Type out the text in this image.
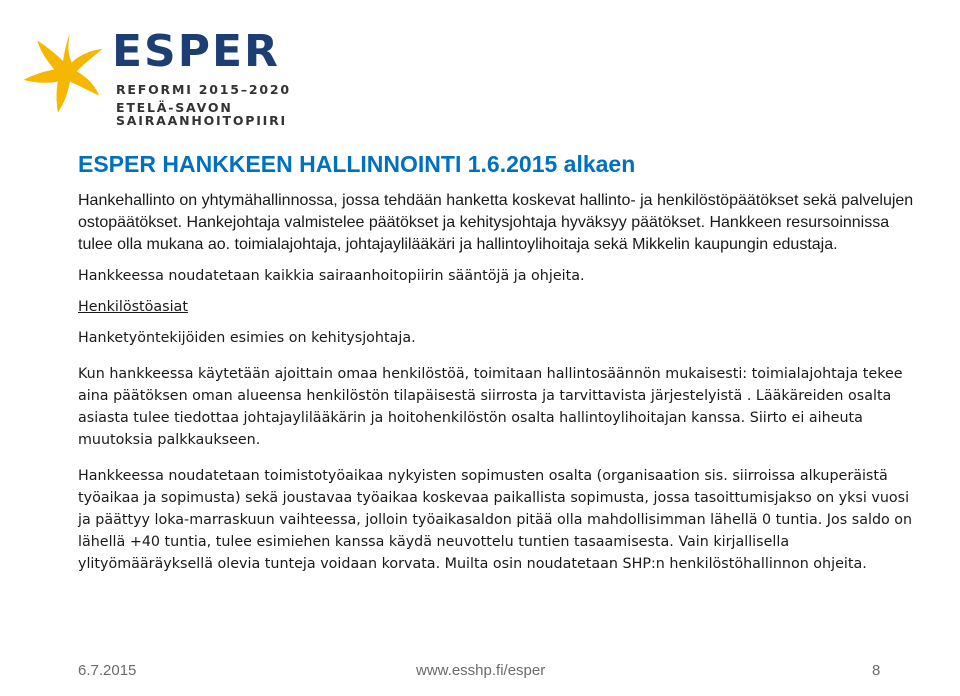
ESPER
REFORMI 2015–2020
ETELÄ-SAVON SAIRAANHOITOPIIRI
ESPER HANKKEEN HALLINNOINTI 1.6.2015 alkaen

Hankehallinto on yhtymähallinnossa, jossa tehdään hanketta koskevat hallinto- ja henkilöstöpäätökset sekä palvelujen ostopäätökset. Hankejohtaja valmistelee päätökset ja kehitysjohtaja hyväksyy päätökset. Hankkeen resursoinnissa tulee olla mukana ao. toimialajohtaja, johtajaylilääkäri ja hallintoylihoitaja sekä Mikkelin kaupungin edustaja.

Hankkeessa noudatetaan kaikkia sairaanhoitopiirin sääntöjä ja ohjeita.

Henkilöstöasiat

Hanketyöntekijöiden esimies on kehitysjohtaja.

Kun hankkeessa käytetään ajoittain omaa henkilöstöä, toimitaan hallintosäännön mukaisesti: toimialajohtaja tekee aina päätöksen oman alueensa henkilöstön tilapäisestä siirrosta ja tarvittavista järjestelyistä . Lääkäreiden osalta asiasta tulee tiedottaa johtajaylilääkärin ja hoitohenkilöstön osalta hallintoylihoitajan kanssa. Siirto ei aiheuta muutoksia palkkaukseen.

Hankkeessa noudatetaan toimistotyöaikaa nykyisten sopimusten osalta (organisaation sis. siirroissa alkuperäistä työaikaa ja sopimusta) sekä joustavaa työaikaa koskevaa paikallista sopimusta, jossa tasoittumisjakso on yksi vuosi ja päättyy loka-marraskuun vaihteessa, jolloin työaikasaldon pitää olla mahdollisimman lähellä 0 tuntia. Jos saldo on lähellä +40 tuntia, tulee esimiehen kanssa käydä neuvottelu tuntien tasaamisesta. Vain kirjallisella ylityömääräyksellä olevia tunteja voidaan korvata. Muilta osin noudatetaan SHP:n henkilöstöhallinnon ohjeita.

6.7.2015	www.esshp.fi/esper	8
